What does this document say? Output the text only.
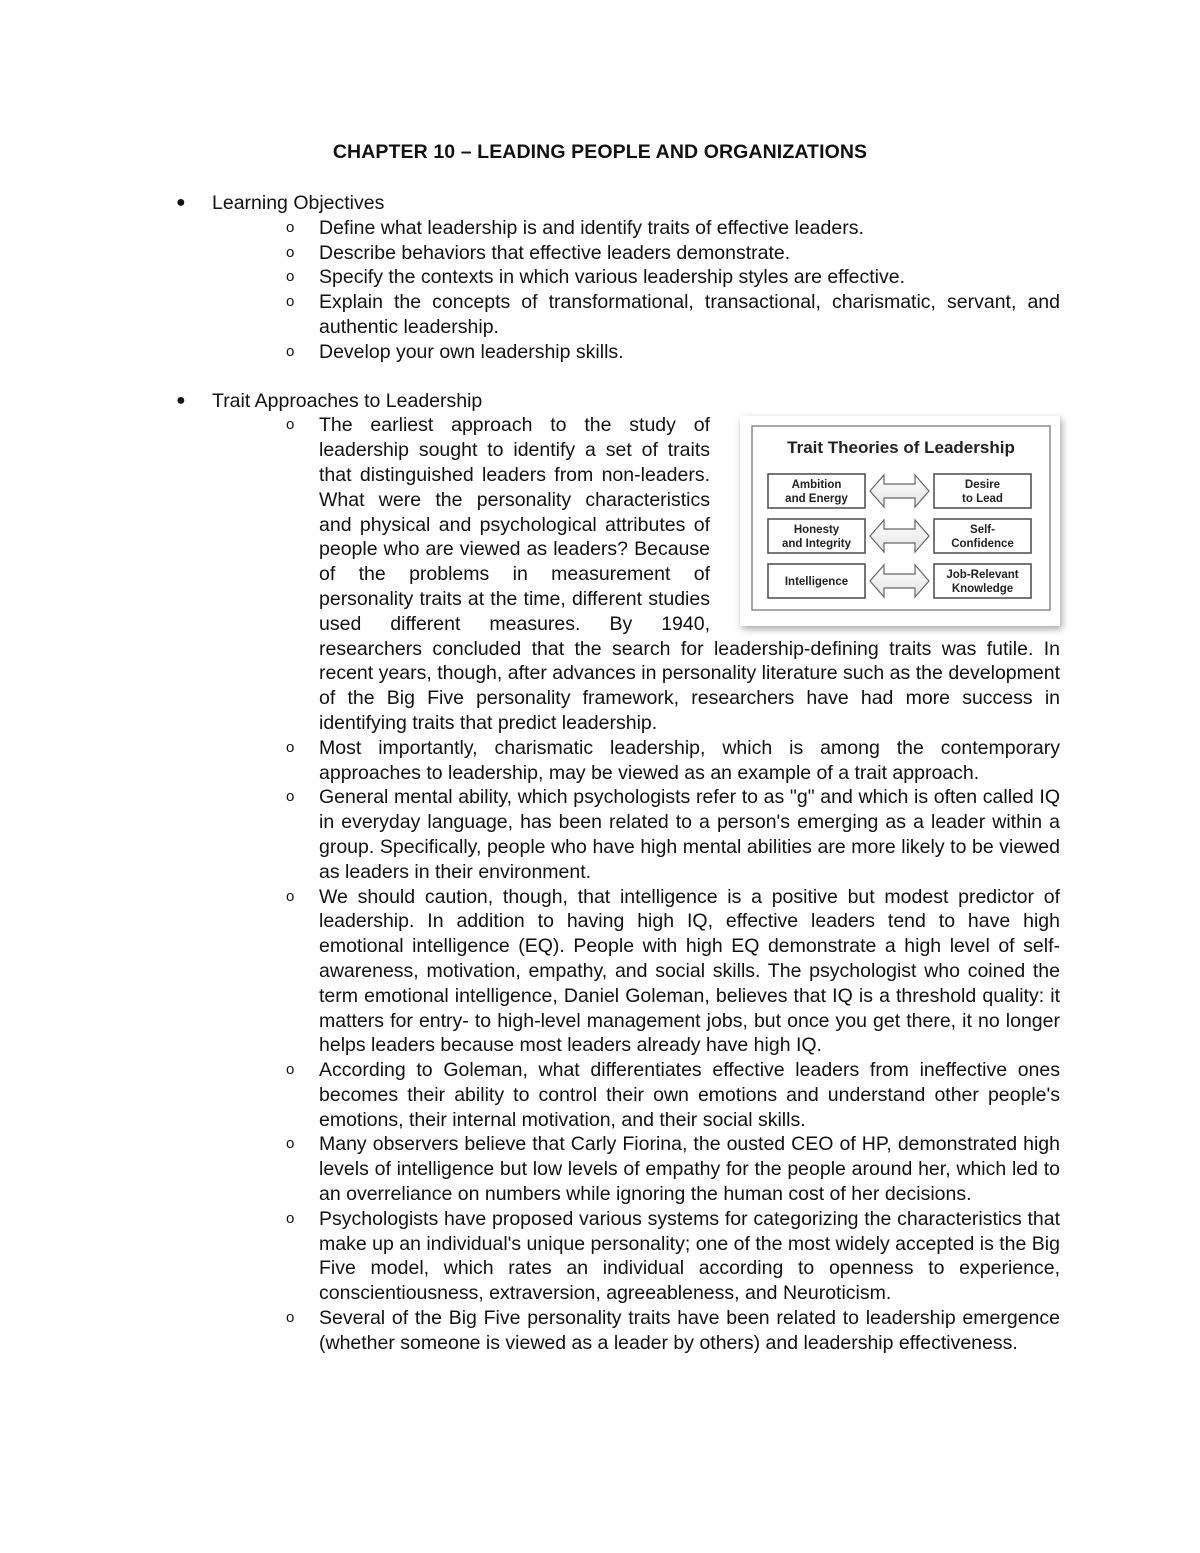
CHAPTER 10 – LEADING PEOPLE AND ORGANIZATIONS
● Learning Objectives
o Define what leadership is and identify traits of effective leaders.
o Describe behaviors that effective leaders demonstrate.
o Specify the contexts in which various leadership styles are effective.
o Explain the concepts of transformational, transactional, charismatic, servant, and authentic leadership.
o Develop your own leadership skills.
● Trait Approaches to Leadership
o
Trait Theories of Leadership
Ambition
and Energy
Desire
to Lead
Honesty
and Integrity
Self-
Confidence
Intelligence
Job-Relevant
Knowledge
The earliest approach to the study of leadership sought to identify a set of traits that distinguished leaders from non-leaders. What were the personality characteristics and physical and psychological attributes of people who are viewed as leaders? Because of the problems in measurement of personality traits at the time, different studies used different measures. By 1940, researchers concluded that the search for leadership-defining traits was futile. In recent years, though, after advances in personality literature such as the development of the Big Five personality framework, researchers have had more success in identifying traits that predict leadership.
o Most importantly, charismatic leadership, which is among the contemporary approaches to leadership, may be viewed as an example of a trait approach.
o General mental ability, which psychologists refer to as "g" and which is often called IQ in everyday language, has been related to a person's emerging as a leader within a group. Specifically, people who have high mental abilities are more likely to be viewed as leaders in their environment.
o We should caution, though, that intelligence is a positive but modest predictor of leadership. In addition to having high IQ, effective leaders tend to have high emotional intelligence (EQ). People with high EQ demonstrate a high level of self-awareness, motivation, empathy, and social skills. The psychologist who coined the term emotional intelligence, Daniel Goleman, believes that IQ is a threshold quality: it matters for entry- to high-level management jobs, but once you get there, it no longer helps leaders because most leaders already have high IQ.
o According to Goleman, what differentiates effective leaders from ineffective ones becomes their ability to control their own emotions and understand other people's emotions, their internal motivation, and their social skills.
o Many observers believe that Carly Fiorina, the ousted CEO of HP, demonstrated high levels of intelligence but low levels of empathy for the people around her, which led to an overreliance on numbers while ignoring the human cost of her decisions.
o Psychologists have proposed various systems for categorizing the characteristics that make up an individual's unique personality; one of the most widely accepted is the Big Five model, which rates an individual according to openness to experience, conscientiousness, extraversion, agreeableness, and Neuroticism.
o Several of the Big Five personality traits have been related to leadership emergence (whether someone is viewed as a leader by others) and leadership effectiveness.
